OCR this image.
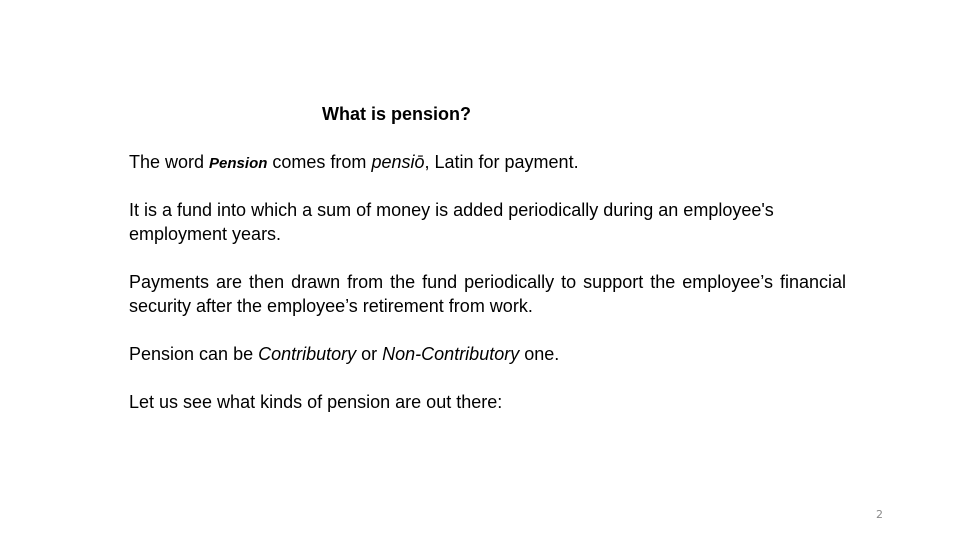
What is pension?
The word Pension comes from pensiō, Latin for payment.
It is a fund into which a sum of money is added periodically during an employee's employment years.
Payments are then drawn from the fund periodically to support the employee’s financial security after the employee’s retirement from work.
Pension can be Contributory or Non-Contributory one.
Let us see what kinds of pension are out there:
2
